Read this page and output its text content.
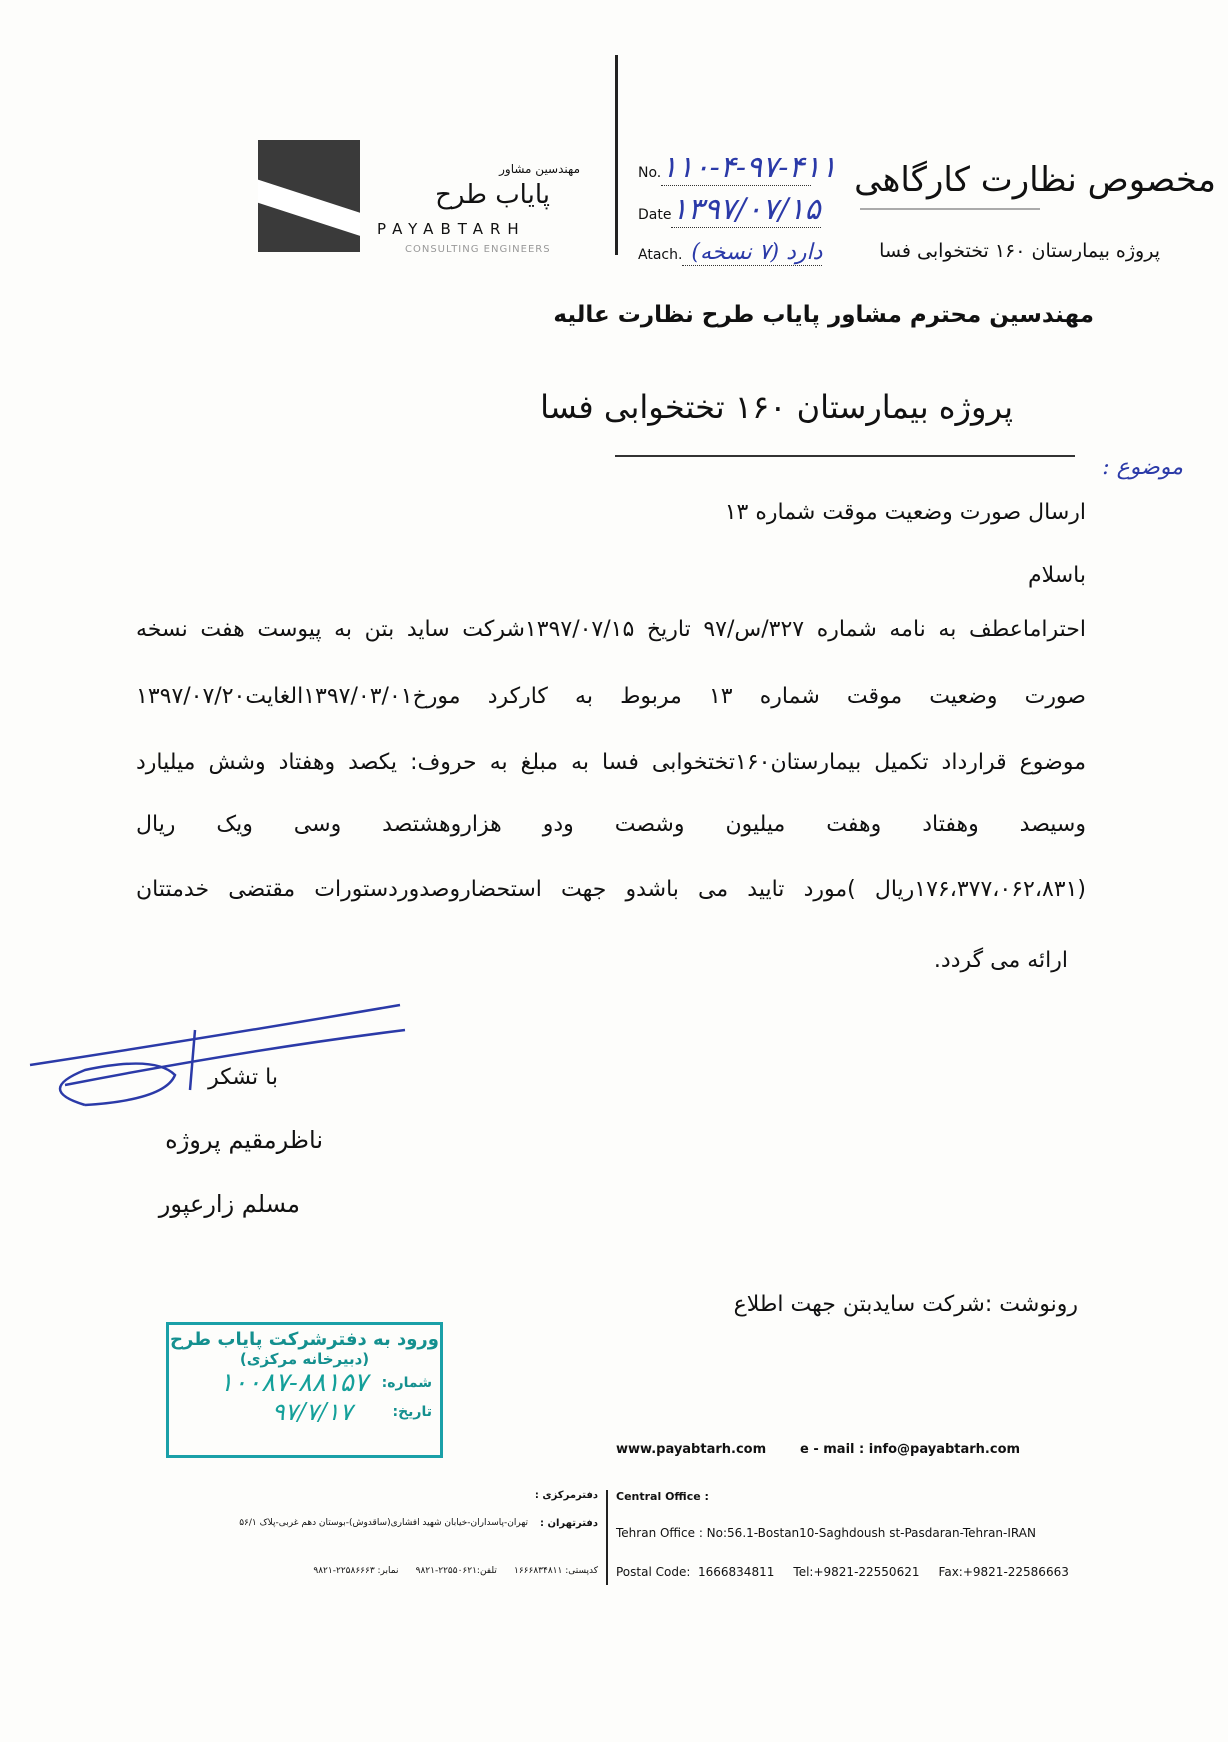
مهندسین مشاور
پایاب طرح
PAYABTARH
CONSULTING ENGINEERS
No.۱۱۰-۴-۹۷-۴۱۱
Date۱۳۹۷/۰۷/۱۵
Atach. دارد (۷ نسخه)
مخصوص نظارت کارگاهی
پروژه بیمارستان ۱۶۰ تختخوابی فسا
مهندسین محترم مشاور پایاب طرح نظارت عالیه
پروژه بیمارستان ۱۶۰ تختخوابی فسا
موضوع :
ارسال صورت وضعیت موقت شماره ۱۳
باسلام
احتراماعطف به نامه شماره ۳۲۷/س/۹۷ تاریخ ۱۳۹۷/۰۷/۱۵شرکت ساید بتن به پیوست هفت نسخه
صورت وضعیت موقت شماره ۱۳ مربوط به کارکرد مورخ۱۳۹۷/۰۳/۰۱الغایت۱۳۹۷/۰۷/۲۰
موضوع قرارداد تکمیل بیمارستان۱۶۰تختخوابی فسا به مبلغ به حروف: یکصد وهفتاد وشش میلیارد
وسیصد وهفتاد وهفت میلیون وشصت ودو هزاروهشتصد وسی ویک ریال
(۱۷۶،۳۷۷،۰۶۲،۸۳۱ریال )مورد تایید می باشدو جهت استحضاروصدوردستورات مقتضی خدمتتان
ارائه می گردد.
با تشکر
ناظرمقیم پروژه
مسلم زارعپور
رونوشت :شرکت سایدبتن جهت اطلاع
ورود به دفترشرکت پایاب طرح
(دبیرخانه مرکزی)
شماره:
۱۰۰۸۷-۸۸۱۵۷
تاریخ:
۹۷/۷/۱۷
www.payabtarh.com	e - mail : info@payabtarh.com
دفترمرکزی : Central Office :
دفترتهران :
تهران-پاسداران-خیابان شهید افشاری(ساقدوش)-بوستان دهم غربی-پلاک ۵۶/۱
Tehran Office : No:56.1-Bostan10-Saghdoush st-Pasdaran-Tehran-IRAN
کدپستی: ۱۶۶۶۸۳۴۸۱۱      تلفن:۲۲۵۵۰۶۲۱-۹۸۲۱      نمابر: ۲۲۵۸۶۶۶۳-۹۸۲۱ Postal Code:  1666834811     Tel:+9821-22550621     Fax:+9821-22586663
